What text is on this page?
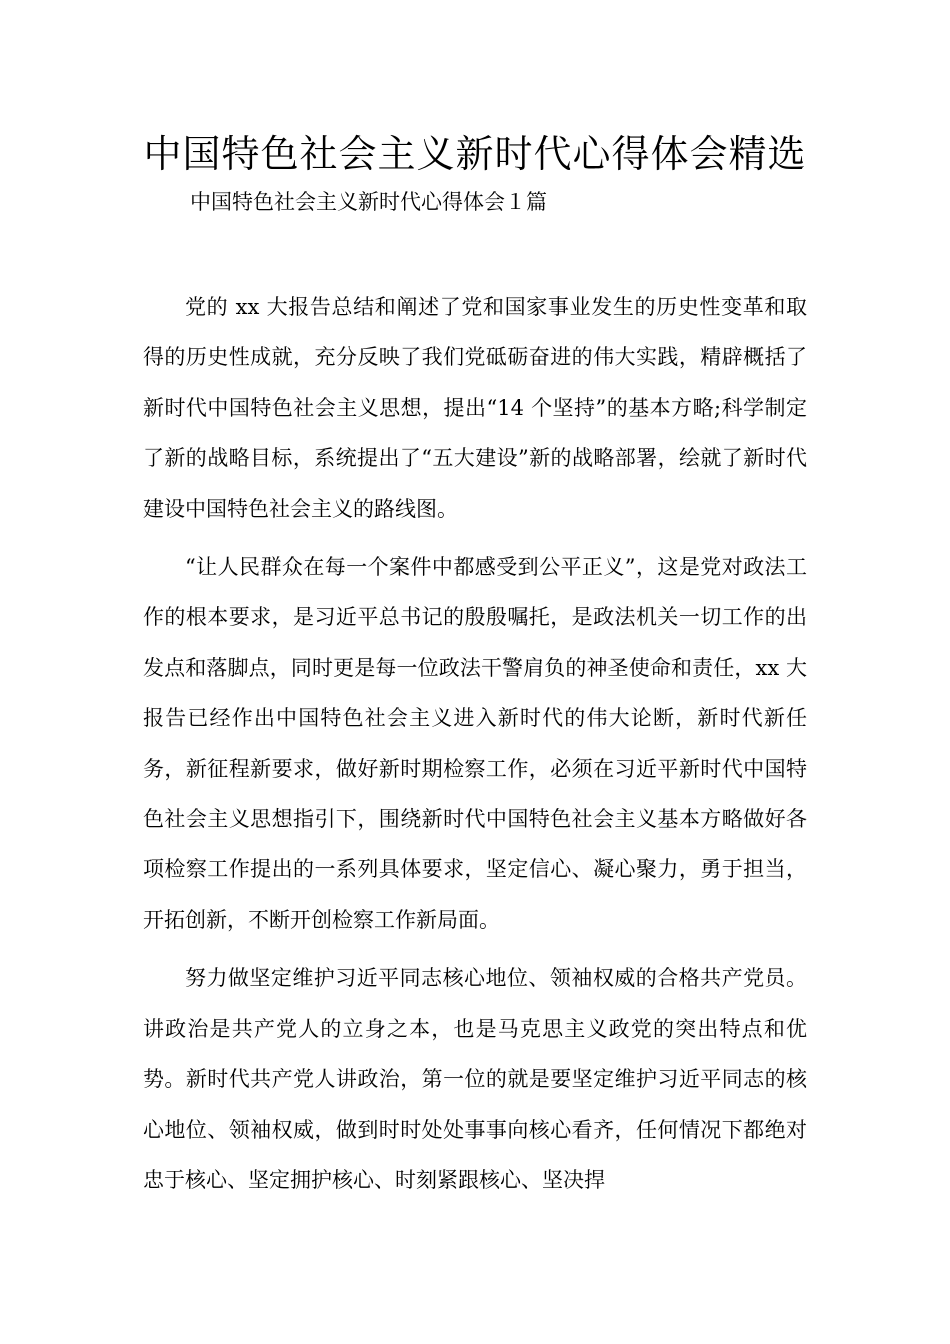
中国特色社会主义新时代心得体会精选

中国特色社会主义新时代心得体会１篇

党的 xx 大报告总结和阐述了党和国家事业发生的历史性变革和取得的历史性成就，充分反映了我们党砥砺奋进的伟大实践，精辟概括了新时代中国特色社会主义思想，提出“14 个坚持”的基本方略;科学制定了新的战略目标，系统提出了“五大建设”新的战略部署，绘就了新时代建设中国特色社会主义的路线图。

“让人民群众在每一个案件中都感受到公平正义”，这是党对政法工作的根本要求，是习近平总书记的殷殷嘱托，是政法机关一切工作的出发点和落脚点，同时更是每一位政法干警肩负的神圣使命和责任，xx 大报告已经作出中国特色社会主义进入新时代的伟大论断，新时代新任务，新征程新要求，做好新时期检察工作，必须在习近平新时代中国特色社会主义思想指引下，围绕新时代中国特色社会主义基本方略做好各项检察工作提出的一系列具体要求，坚定信心、凝心聚力，勇于担当，开拓创新，不断开创检察工作新局面。

努力做坚定维护习近平同志核心地位、领袖权威的合格共产党员。讲政治是共产党人的立身之本，也是马克思主义政党的突出特点和优势。新时代共产党人讲政治，第一位的就是要坚定维护习近平同志的核心地位、领袖权威，做到时时处处事事向核心看齐，任何情况下都绝对忠于核心、坚定拥护核心、时刻紧跟核心、坚决捍
